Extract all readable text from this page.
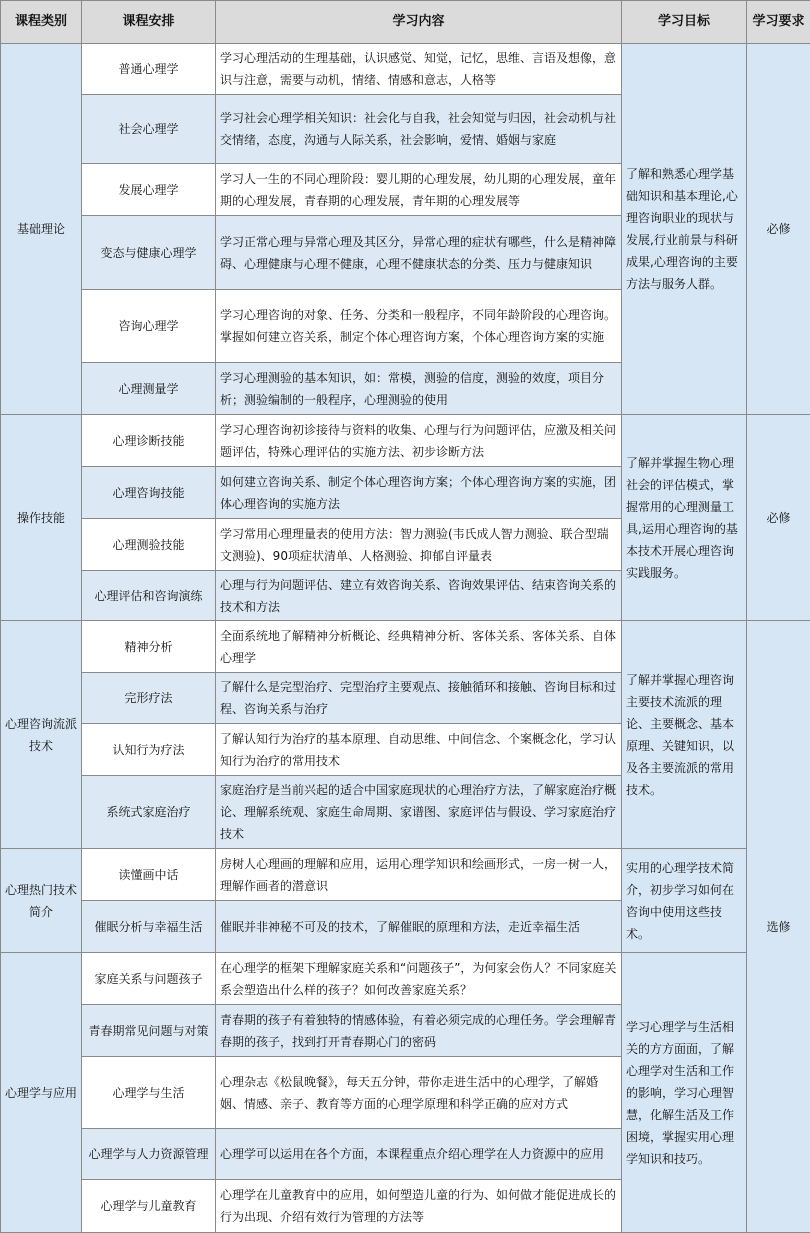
课程类别	课程安排	学习内容	学习目标	学习要求
基础理论	普通心理学	学习心理活动的生理基础，认识感觉、知觉，记忆，思维、言语及想像，意识与注意，需要与动机，情绪、情感和意志，人格等	了解和熟悉心理学基础知识和基本理论,心理咨询职业的现状与发展,行业前景与科研成果,心理咨询的主要方法与服务人群。	必修
	社会心理学	学习社会心理学相关知识：社会化与自我，社会知觉与归因，社会动机与社交情绪，态度，沟通与人际关系，社会影响，爱情、婚姻与家庭		
	发展心理学	学习人一生的不同心理阶段：婴儿期的心理发展，幼儿期的心理发展，童年期的心理发展，青春期的心理发展，青年期的心理发展等		
	变态与健康心理学	学习正常心理与异常心理及其区分，异常心理的症状有哪些，什么是精神障碍、心理健康与心理不健康，心理不健康状态的分类、压力与健康知识		
	咨询心理学	学习心理咨询的对象、任务、分类和一般程序，不同年龄阶段的心理咨询。掌握如何建立咨关系，制定个体心理咨询方案，个体心理咨询方案的实施		
	心理测量学	学习心理测验的基本知识，如：常模，测验的信度，测验的效度，项目分析；测验编制的一般程序，心理测验的使用		
操作技能	心理诊断技能	学习心理咨询初诊接待与资料的收集、心理与行为问题评估，应激及相关问题评估，特殊心理评估的实施方法、初步诊断方法	了解并掌握生物心理社会的评估模式，掌握常用的心理测量工具,运用心理咨询的基本技术开展心理咨询实践服务。	必修
	心理咨询技能	如何建立咨询关系、制定个体心理咨询方案；个体心理咨询方案的实施，团体心理咨询的实施方法		
	心理测验技能	学习常用心理理量表的使用方法：智力测验(韦氏成人智力测验、联合型瑞文测验)、90项症状清单、人格测验、抑郁自评量表		
	心理评估和咨询演练	心理与行为问题评估、建立有效咨询关系、咨询效果评估、结束咨询关系的技术和方法		
心理咨询流派技术	精神分析	全面系统地了解精神分析概论、经典精神分析、客体关系、客体关系、自体心理学	了解并掌握心理咨询主要技术流派的理论、主要概念、基本原理、关键知识，以及各主要流派的常用技术。	选修
	完形疗法	了解什么是完型治疗、完型治疗主要观点、接触循环和接触、咨询目标和过程、咨询关系与治疗		
	认知行为疗法	了解认知行为治疗的基本原理、自动思维、中间信念、个案概念化，学习认知行为治疗的常用技术		
	系统式家庭治疗	家庭治疗是当前兴起的适合中国家庭现状的心理治疗方法，了解家庭治疗概论、理解系统观、家庭生命周期、家谱图、家庭评估与假设、学习家庭治疗技术		
心理热门技术简介	读懂画中话	房树人心理画的理解和应用，运用心理学知识和绘画形式，一房一树一人，理解作画者的潜意识	实用的心理学技术简介，初步学习如何在咨询中使用这些技术。	
	催眠分析与幸福生活	催眠并非神秘不可及的技术，了解催眠的原理和方法，走近幸福生活		
心理学与应用	家庭关系与问题孩子	在心理学的框架下理解家庭关系和“问题孩子”，为何家会伤人？不同家庭关系会塑造出什么样的孩子？如何改善家庭关系？	学习心理学与生活相关的方方面面，了解心理学对生活和工作的影响，学习心理智慧，化解生活及工作困境，掌握实用心理学知识和技巧。	
	青春期常见问题与对策	青春期的孩子有着独特的情感体验，有着必须完成的心理任务。学会理解青春期的孩子，找到打开青春期心门的密码		
	心理学与生活	心理杂志《松鼠晚餐》，每天五分钟，带你走进生活中的心理学，了解婚姻、情感、亲子、教育等方面的心理学原理和科学正确的应对方式		
	心理学与人力资源管理	心理学可以运用在各个方面，本课程重点介绍心理学在人力资源中的应用		
	心理学与儿童教育	心理学在儿童教育中的应用，如何塑造儿童的行为、如何做才能促进成长的行为出现、介绍有效行为管理的方法等		
